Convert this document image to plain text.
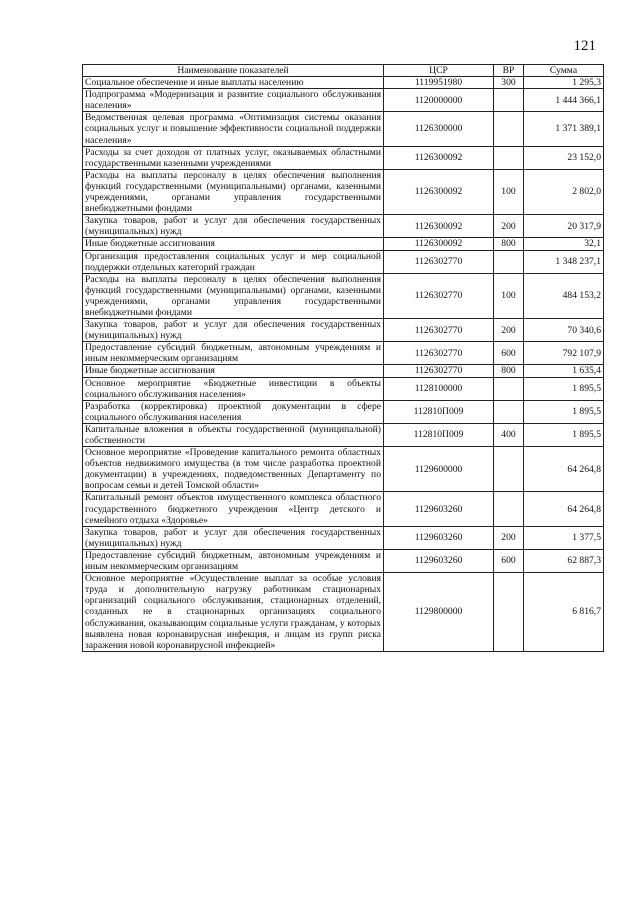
121
Наименование показателей	ЦСР	ВР	Сумма
Социальное обеспечение и иные выплаты населению	1119951980	300	1 295,3
Подпрограмма «Модернизация и развитие социального обслуживания населения»	1120000000		1 444 366,1
Ведомственная целевая программа «Оптимизация системы оказания социальных услуг и повышение эффективности социальной поддержки населения»	1126300000		1 371 389,1
Расходы за счет доходов от платных услуг, оказываемых областными государственными казенными учреждениями	1126300092		23 152,0
Расходы на выплаты персоналу в целях обеспечения выполнения функций государственными (муниципальными) органами, казенными учреждениями, органами управления государственными внебюджетными фондами	1126300092	100	2 802,0
Закупка товаров, работ и услуг для обеспечения государственных (муниципальных) нужд	1126300092	200	20 317,9
Иные бюджетные ассигнования	1126300092	800	32,1
Организация предоставления социальных услуг и мер социальной поддержки отдельных категорий граждан	1126302770		1 348 237,1
Расходы на выплаты персоналу в целях обеспечения выполнения функций государственными (муниципальными) органами, казенными учреждениями, органами управления государственными внебюджетными фондами	1126302770	100	484 153,2
Закупка товаров, работ и услуг для обеспечения государственных (муниципальных) нужд	1126302770	200	70 340,6
Предоставление субсидий бюджетным, автономным учреждениям и иным некоммерческим организациям	1126302770	600	792 107,9
Иные бюджетные ассигнования	1126302770	800	1 635,4
Основное мероприятие «Бюджетные инвестиции в объекты социального обслуживания населения»	1128100000		1 895,5
Разработка (корректировка) проектной документации в сфере социального обслуживания населения	112810П009		1 895,5
Капитальные вложения в объекты государственной (муниципальной) собственности	112810П009	400	1 895,5
Основное мероприятие «Проведение капитального ремонта областных объектов недвижимого имущества (в том числе разработка проектной документации) в учреждениях, подведомственных Департаменту по вопросам семьи и детей Томской области»	1129600000		64 264,8
Капитальный ремонт объектов имущественного комплекса областного государственного бюджетного учреждения «Центр детского и семейного отдыха «Здоровье»	1129603260		64 264,8
Закупка товаров, работ и услуг для обеспечения государственных (муниципальных) нужд	1129603260	200	1 377,5
Предоставление субсидий бюджетным, автономным учреждениям и иным некоммерческим организациям	1129603260	600	62 887,3
Основное мероприятие «Осуществление выплат за особые условия труда и дополнительную нагрузку работникам стационарных организаций социального обслуживания, стационарных отделений, созданных не в стационарных организациях социального обслуживания, оказывающим социальные услуги гражданам, у которых выявлена новая коронавирусная инфекция, и лицам из групп риска заражения новой коронавирусной инфекцией»	1129800000		6 816,7
